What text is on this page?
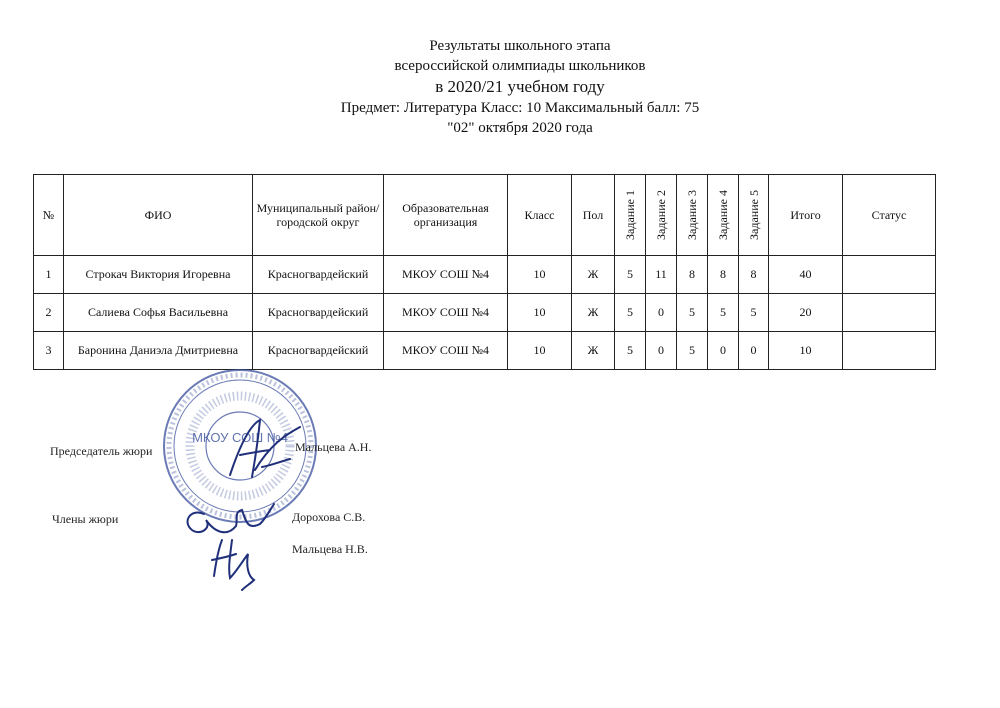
Результаты школьного этапа
всероссийской олимпиады школьников
в 2020/21 учебном году
Предмет: Литература Класс: 10 Максимальный балл: 75
"02" октября 2020 года
№	ФИО	Муниципальный район/городской округ	Образовательная организация	Класс	Пол	Задание 1	Задание 2	Задание 3	Задание 4	Задание 5	Итого	Статус
1	Строкач Виктория Игоревна	Красногвардейский	МКОУ СОШ №4	10	Ж	5	11	8	8	8	40	
2	Салиева Софья Васильевна	Красногвардейский	МКОУ СОШ №4	10	Ж	5	0	5	5	5	20	
3	Баронина Даниэла Дмитриевна	Красногвардейский	МКОУ СОШ №4	10	Ж	5	0	5	0	0	10	
МКОУ СОШ №4
Председатель жюри	Мальцева А.Н.
Члены жюри	Дорохова С.В.
Мальцева Н.В.
